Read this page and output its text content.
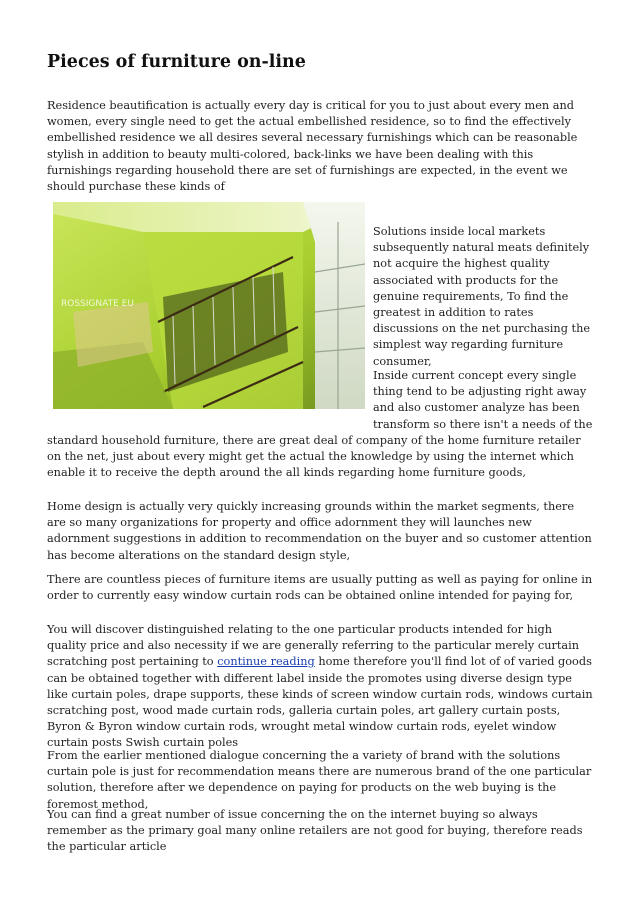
Pieces of furniture on-line

Residence beautification is actually every day is critical for you to just about every men and women, every single need to get the actual embellished residence, so to find the effectively embellished residence we all desires several necessary furnishings which can be reasonable stylish in addition to beauty multi-colored, back-links we have been dealing with this furnishings regarding household there are set of furnishings are expected, in the event we should purchase these kinds of

ROSSIGNATE EU

Solutions inside local markets subsequently natural meats definitely not acquire the highest quality associated with products for the genuine requirements, To find the greatest in addition to rates discussions on the net purchasing the simplest way regarding furniture consumer,

Inside current concept every single thing tend to be adjusting right away and also customer analyze has been transform so there isn't a needs of the

standard household furniture, there are great deal of company of the home furniture retailer on the net, just about every might get the actual the knowledge by using the internet which enable it to receive the depth around the all kinds regarding home furniture goods,

Home design is actually very quickly increasing grounds within the market segments, there are so many organizations for property and office adornment they will launches new adornment suggestions in addition to recommendation on the buyer and so customer attention has become alterations on the standard design style,

There are countless pieces of furniture items are usually putting as well as paying for online in order to currently easy window curtain rods can be obtained online intended for paying for,

You will discover distinguished relating to the one particular products intended for high quality price and also necessity if we are generally referring to the particular merely curtain scratching post pertaining to continue reading home therefore you'll find lot of of varied goods can be obtained together with different label inside the promotes using diverse design type like curtain poles, drape supports, these kinds of screen window curtain rods, windows curtain scratching post, wood made curtain rods, galleria curtain poles, art gallery curtain posts, Byron & Byron window curtain rods, wrought metal window curtain rods, eyelet window curtain posts Swish curtain poles

From the earlier mentioned dialogue concerning the a variety of brand with the solutions curtain pole is just for recommendation means there are numerous brand of the one particular solution, therefore after we dependence on paying for products on the web buying is the foremost method,

You can find a great number of issue concerning the on the internet buying so always remember as the primary goal many online retailers are not good for buying, therefore reads the particular article
